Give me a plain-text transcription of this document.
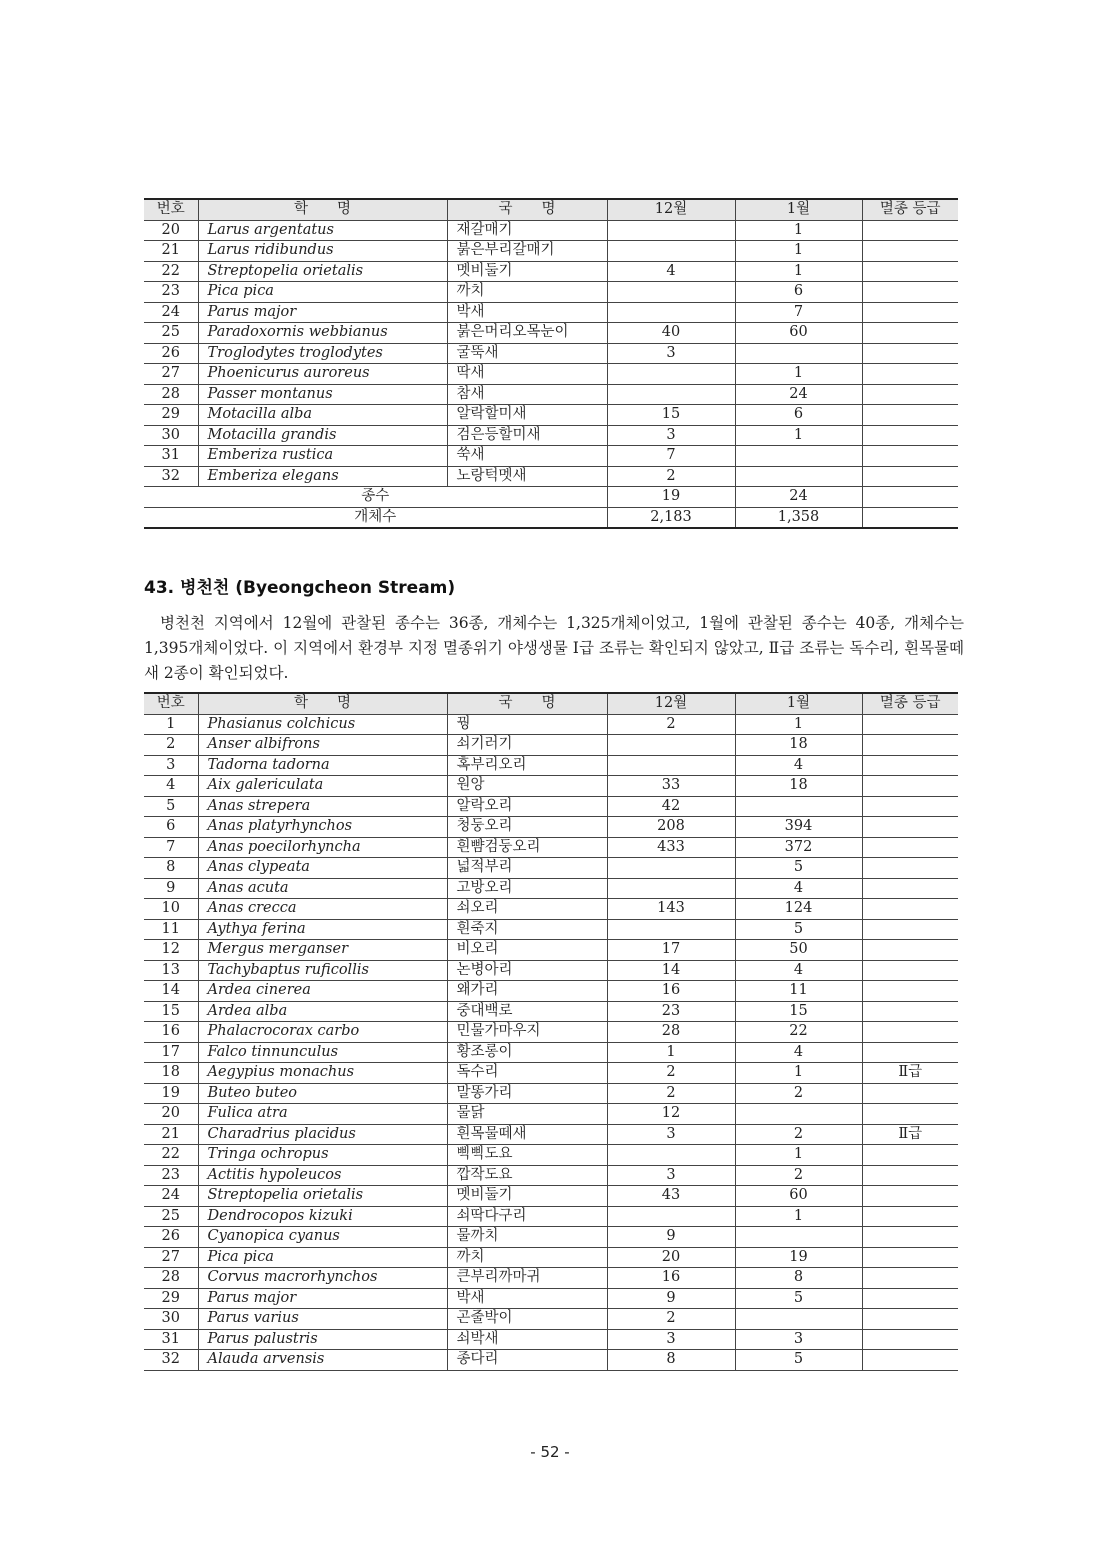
번호	학　　명	국　　명	12월	1월	멸종 등급
20	Larus argentatus	재갈매기		1	
21	Larus ridibundus	붉은부리갈매기		1	
22	Streptopelia orietalis	멧비둘기	4	1	
23	Pica pica	까치		6	
24	Parus major	박새		7	
25	Paradoxornis webbianus	붉은머리오목눈이	40	60	
26	Troglodytes troglodytes	굴뚝새	3		
27	Phoenicurus auroreus	딱새		1	
28	Passer montanus	참새		24	
29	Motacilla alba	알락할미새	15	6	
30	Motacilla grandis	검은등할미새	3	1	
31	Emberiza rustica	쑥새	7		
32	Emberiza elegans	노랑턱멧새	2		
종수			19	24	
개체수			2,183	1,358	
43. 병천천 (Byeongcheon Stream)

병천천 지역에서 12월에 관찰된 종수는 36종, 개체수는 1,325개체이었고, 1월에 관찰된 종수는 40종, 개체수는 1,395개체이었다. 이 지역에서 환경부 지정 멸종위기 야생생물 Ⅰ급 조류는 확인되지 않았고, Ⅱ급 조류는 독수리, 흰목물떼새 2종이 확인되었다.

번호	학　　명	국　　명	12월	1월	멸종 등급
1	Phasianus colchicus	꿩	2	1	
2	Anser albifrons	쇠기러기		18	
3	Tadorna tadorna	혹부리오리		4	
4	Aix galericulata	원앙	33	18	
5	Anas strepera	알락오리	42		
6	Anas platyrhynchos	청둥오리	208	394	
7	Anas poecilorhyncha	흰뺨검둥오리	433	372	
8	Anas clypeata	넓적부리		5	
9	Anas acuta	고방오리		4	
10	Anas crecca	쇠오리	143	124	
11	Aythya ferina	흰죽지		5	
12	Mergus merganser	비오리	17	50	
13	Tachybaptus ruficollis	논병아리	14	4	
14	Ardea cinerea	왜가리	16	11	
15	Ardea alba	중대백로	23	15	
16	Phalacrocorax carbo	민물가마우지	28	22	
17	Falco tinnunculus	황조롱이	1	4	
18	Aegypius monachus	독수리	2	1	Ⅱ급
19	Buteo buteo	말똥가리	2	2	
20	Fulica atra	물닭	12		
21	Charadrius placidus	흰목물떼새	3	2	Ⅱ급
22	Tringa ochropus	삑삑도요		1	
23	Actitis hypoleucos	깝작도요	3	2	
24	Streptopelia orietalis	멧비둘기	43	60	
25	Dendrocopos kizuki	쇠딱다구리		1	
26	Cyanopica cyanus	물까치	9		
27	Pica pica	까치	20	19	
28	Corvus macrorhynchos	큰부리까마귀	16	8	
29	Parus major	박새	9	5	
30	Parus varius	곤줄박이	2		
31	Parus palustris	쇠박새	3	3	
32	Alauda arvensis	종다리	8	5	
- 52 -
